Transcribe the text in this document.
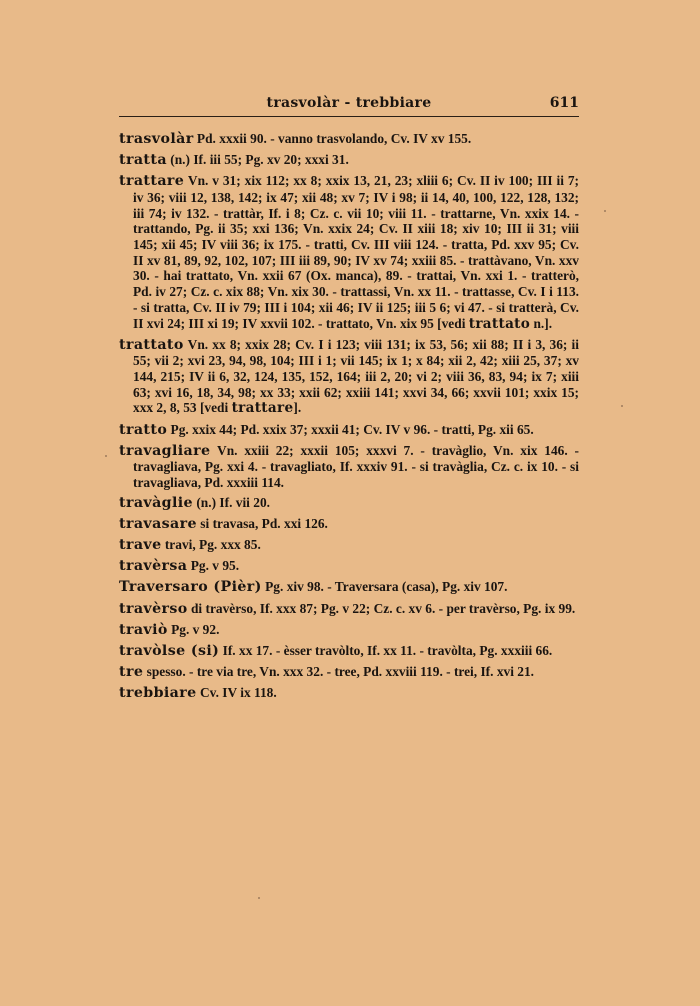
trasvolàr - trebbiare	611

trasvolàr Pd. xxxii 90. - vanno trasvolando, Cv. IV xv 155.

tratta (n.) If. iii 55; Pg. xv 20; xxxi 31.

trattare Vn. v 31; xix 112; xx 8; xxix 13, 21, 23; xliii 6; Cv. II iv 100; III ii 7; iv 36; viii 12, 138, 142; ix 47; xii 48; xv 7; IV i 98; ii 14, 40, 100, 122, 128, 132; iii 74; iv 132. - trattàr, If. i 8; Cz. c. vii 10; viii 11. - trattarne, Vn. xxix 14. - trattando, Pg. ii 35; xxi 136; Vn. xxix 24; Cv. II xiii 18; xiv 10; III ii 31; viii 145; xii 45; IV viii 36; ix 175. - tratti, Cv. III viii 124. - tratta, Pd. xxv 95; Cv. II xv 81, 89, 92, 102, 107; III iii 89, 90; IV xv 74; xxiii 85. - trattàvano, Vn. xxv 30. - hai trattato, Vn. xxii 67 (Ox. manca), 89. - trattai, Vn. xxi 1. - tratterò, Pd. iv 27; Cz. c. xix 88; Vn. xix 30. - trattassi, Vn. xx 11. - trattasse, Cv. I i 113. - si tratta, Cv. II iv 79; III i 104; xii 46; IV ii 125; iii 5 6; vi 47. - si tratterà, Cv. II xvi 24; III xi 19; IV xxvii 102. - trattato, Vn. xix 95 [vedi trattato n.].

trattato Vn. xx 8; xxix 28; Cv. I i 123; viii 131; ix 53, 56; xii 88; II i 3, 36; ii 55; vii 2; xvi 23, 94, 98, 104; III i 1; vii 145; ix 1; x 84; xii 2, 42; xiii 25, 37; xv 144, 215; IV ii 6, 32, 124, 135, 152, 164; iii 2, 20; vi 2; viii 36, 83, 94; ix 7; xiii 63; xvi 16, 18, 34, 98; xx 33; xxii 62; xxiii 141; xxvi 34, 66; xxvii 101; xxix 15; xxx 2, 8, 53 [vedi trattare].

tratto Pg. xxix 44; Pd. xxix 37; xxxii 41; Cv. IV v 96. - tratti, Pg. xii 65.

travagliare Vn. xxiii 22; xxxii 105; xxxvi 7. - travàglio, Vn. xix 146. - travagliava, Pg. xxi 4. - travagliato, If. xxxiv 91. - si travàglia, Cz. c. ix 10. - si travagliava, Pd. xxxiii 114.

travàglie (n.) If. vii 20.

travasare si travasa, Pd. xxi 126.

trave travi, Pg. xxx 85.

travèrsa Pg. v 95.

Traversaro (Pièr) Pg. xiv 98. - Traversara (casa), Pg. xiv 107.

travèrso di travèrso, If. xxx 87; Pg. v 22; Cz. c. xv 6. - per travèrso, Pg. ix 99.

traviò Pg. v 92.

travòlse (si) If. xx 17. - èsser travòlto, If. xx 11. - travòlta, Pg. xxxiii 66.

tre spesso. - tre via tre, Vn. xxx 32. - tree, Pd. xxviii 119. - trei, If. xvi 21.

trebbiare Cv. IV ix 118.
